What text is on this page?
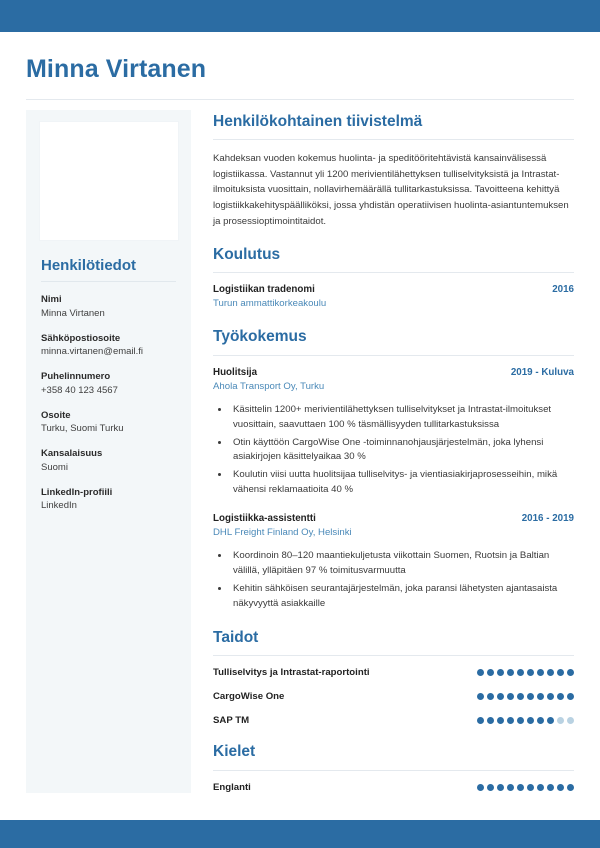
Minna Virtanen
Henkilötiedot
Nimi
Minna Virtanen
Sähköpostiosoite
minna.virtanen@email.fi
Puhelinnumero
+358 40 123 4567
Osoite
Turku, Suomi Turku
Kansalaisuus
Suomi
LinkedIn-profiili
LinkedIn
Henkilökohtainen tiivistelmä

Kahdeksan vuoden kokemus huolinta- ja speditööritehtävistä kansainvälisessä logistiikassa. Vastannut yli 1200 merivientilähettyksen tulliselvityksistä ja Intrastat-ilmoituksista vuosittain, nollavirhemäärällä tullitarkastuksissa. Tavoitteena kehittyä logistiikkakehityspäälliköksi, jossa yhdistän operatiivisen huolinta-asiantuntemuksen ja prosessioptimointitaidot.

Koulutus
Logistiikan tradenomi	2016
Turun ammattikorkeakoulu
Työkokemus
Huolitsija	2019 - Kuluva
Ahola Transport Oy, Turku
• Käsittelin 1200+ merivientilähettyksen tulliselvitykset ja Intrastat-ilmoitukset vuosittain, saavuttaen 100 % täsmällisyyden tullitarkastuksissa
• Otin käyttöön CargoWise One -toiminnanohjausjärjestelmän, joka lyhensi asiakirjojen käsittelyaikaa 30 %
• Koulutin viisi uutta huolitsijaa tulliselvitys- ja vientiasiakirjaprosesseihin, mikä vähensi reklamaatioita 40 %
Logistiikka-assistentti	2016 - 2019
DHL Freight Finland Oy, Helsinki
• Koordinoin 80–120 maantiekuljetusta viikottain Suomen, Ruotsin ja Baltian välillä, ylläpitäen 97 % toimitusvarmuutta
• Kehitin sähköisen seurantajärjestelmän, joka paransi lähetysten ajantasaista näkyvyyttä asiakkaille
Taidot
Tulliselvitys ja Intrastat-raportointi
CargoWise One
SAP TM
Kielet
Englanti
